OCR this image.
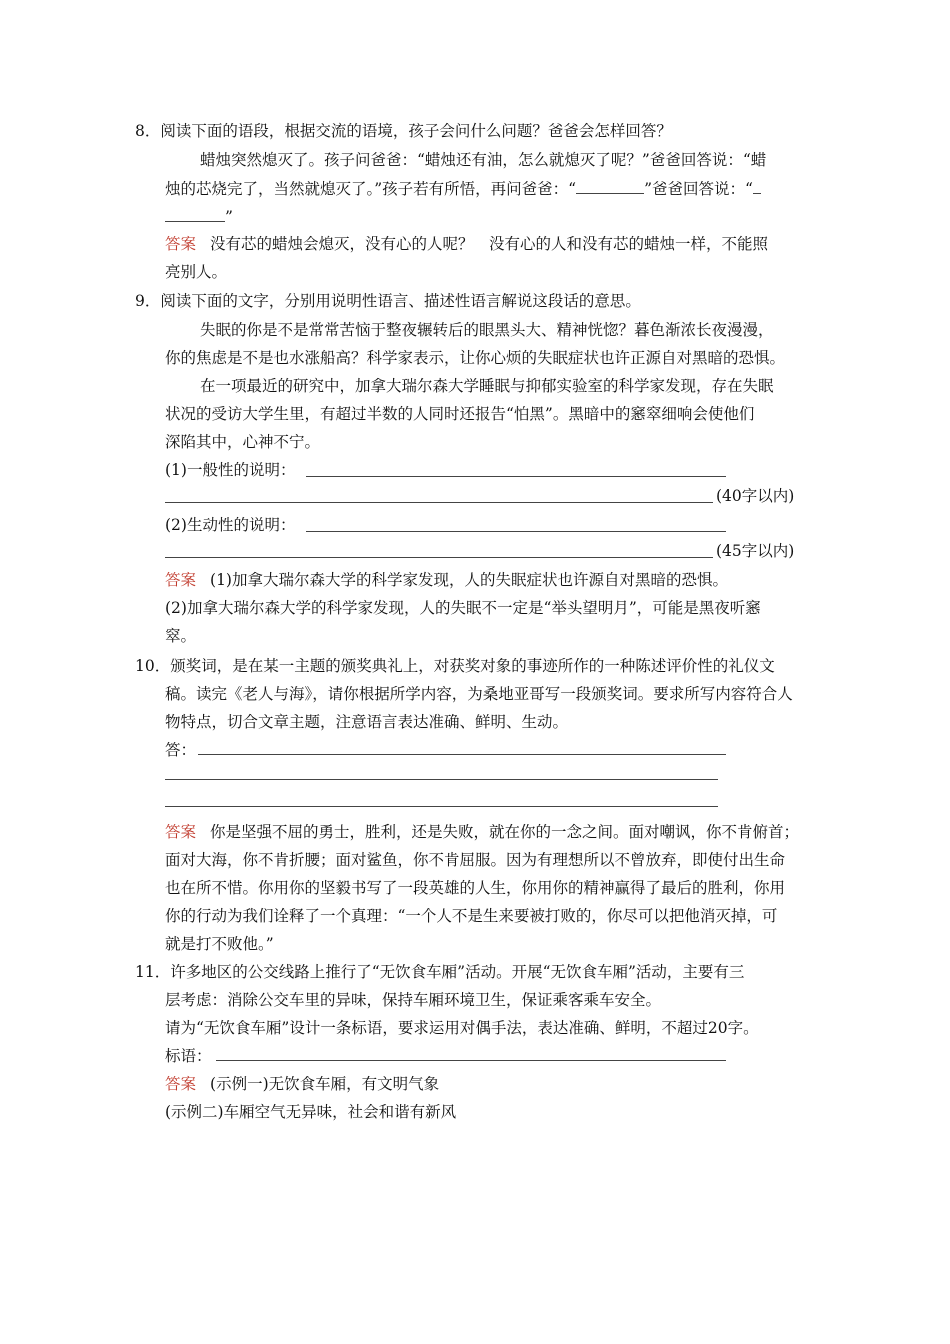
8．阅读下面的语段，根据交流的语境，孩子会问什么问题？爸爸会怎样回答？
蜡烛突然熄灭了。孩子问爸爸：“蜡烛还有油，怎么就熄灭了呢？”爸爸回答说：“蜡
烛的芯烧完了，当然就熄灭了。”孩子若有所悟，再问爸爸：“	”爸爸回答说：“
”
答案 没有芯的蜡烛会熄灭，没有心的人呢？　没有心的人和没有芯的蜡烛一样，不能照
亮别人。
9．阅读下面的文字，分别用说明性语言、描述性语言解说这段话的意思。
失眠的你是不是常常苦恼于整夜辗转后的眼黑头大、精神恍惚？暮色渐浓长夜漫漫，
你的焦虑是不是也水涨船高？科学家表示，让你心烦的失眠症状也许正源自对黑暗的恐惧。
在一项最近的研究中，加拿大瑞尔森大学睡眠与抑郁实验室的科学家发现，存在失眠
状况的受访大学生里，有超过半数的人同时还报告“怕黑”。黑暗中的窸窣细响会使他们
深陷其中，心神不宁。
(1)一般性的说明：
(40字以内)
(2)生动性的说明：
(45字以内)
答案 (1)加拿大瑞尔森大学的科学家发现，人的失眠症状也许源自对黑暗的恐惧。
(2)加拿大瑞尔森大学的科学家发现，人的失眠不一定是“举头望明月”，可能是黑夜听窸
窣。
10．颁奖词，是在某一主题的颁奖典礼上，对获奖对象的事迹所作的一种陈述评价性的礼仪文
稿。读完《老人与海》，请你根据所学内容，为桑地亚哥写一段颁奖词。要求所写内容符合人
物特点，切合文章主题，注意语言表达准确、鲜明、生动。
答：
答案 你是坚强不屈的勇士，胜利，还是失败，就在你的一念之间。面对嘲讽，你不肯俯首；
面对大海，你不肯折腰；面对鲨鱼，你不肯屈服。因为有理想所以不曾放弃，即使付出生命
也在所不惜。你用你的坚毅书写了一段英雄的人生，你用你的精神赢得了最后的胜利，你用
你的行动为我们诠释了一个真理：“一个人不是生来要被打败的，你尽可以把他消灭掉，可
就是打不败他。”
11．许多地区的公交线路上推行了“无饮食车厢”活动。开展“无饮食车厢”活动，主要有三
层考虑：消除公交车里的异味，保持车厢环境卫生，保证乘客乘车安全。
请为“无饮食车厢”设计一条标语，要求运用对偶手法，表达准确、鲜明，不超过20字。
标语：
答案 (示例一)无饮食车厢，有文明气象
(示例二)车厢空气无异味，社会和谐有新风
